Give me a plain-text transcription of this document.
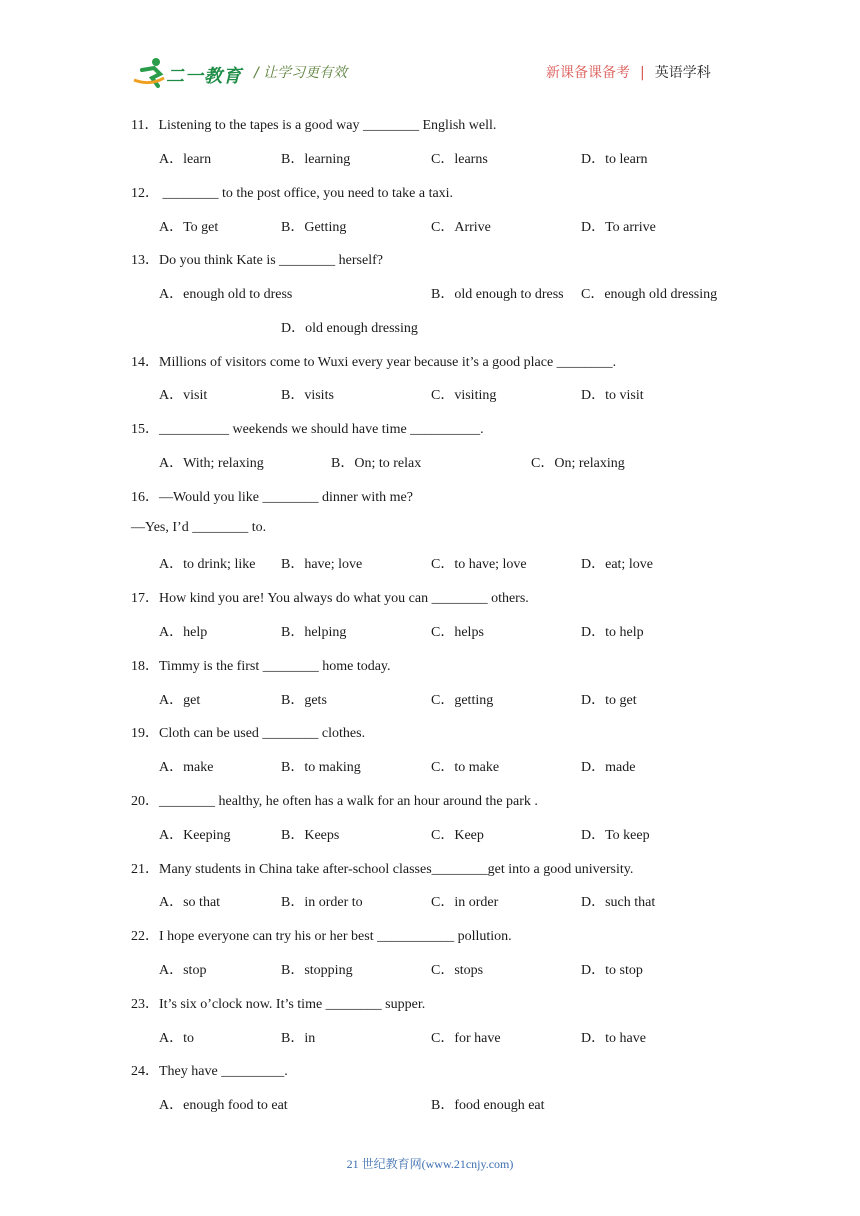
二一教育 / 让学习更有效	新课备课备考 | 英语学科
11．Listening to the tapes is a good way ________ English well.
A．learn	B．learning	C．learns	D．to learn
12． ________ to the post office, you need to take a taxi.
A．To get	B．Getting	C．Arrive	D．To arrive
13．Do you think Kate is ________ herself?
A．enough old to dress	B．old enough to dress C．enough old dressing
D．old enough dressing
14．Millions of visitors come to Wuxi every year because it’s a good place ________.
A．visit	B．visits	C．visiting	D．to visit
15．__________ weekends we should have time __________.
A．With; relaxing	B．On; to relax	C．On; relaxing
16．—Would you like ________ dinner with me?
—Yes, I’d ________ to.
A．to drink; like B．have; love	C．to have; love	D．eat; love
17．How kind you are! You always do what you can ________ others.
A．help	B．helping	C．helps	D．to help
18．Timmy is the first ________ home today.
A．get	B．gets	C．getting	D．to get
19．Cloth can be used ________ clothes.
A．make	B．to making	C．to make	D．made
20．________ healthy, he often has a walk for an hour around the park .
A．Keeping	B．Keeps	C．Keep	D．To keep
21．Many students in China take after-school classes________get into a good university.
A．so that	B．in order to	C．in order	D．such that
22．I hope everyone can try his or her best ___________ pollution.
A．stop	B．stopping	C．stops	D．to stop
23．It’s six o’clock now. It’s time ________ supper.
A．to	B．in	C．for have	D．to have
24．They have _________.
A．enough food to eat	B．food enough eat
21 世纪教育网(www.21cnjy.com)
